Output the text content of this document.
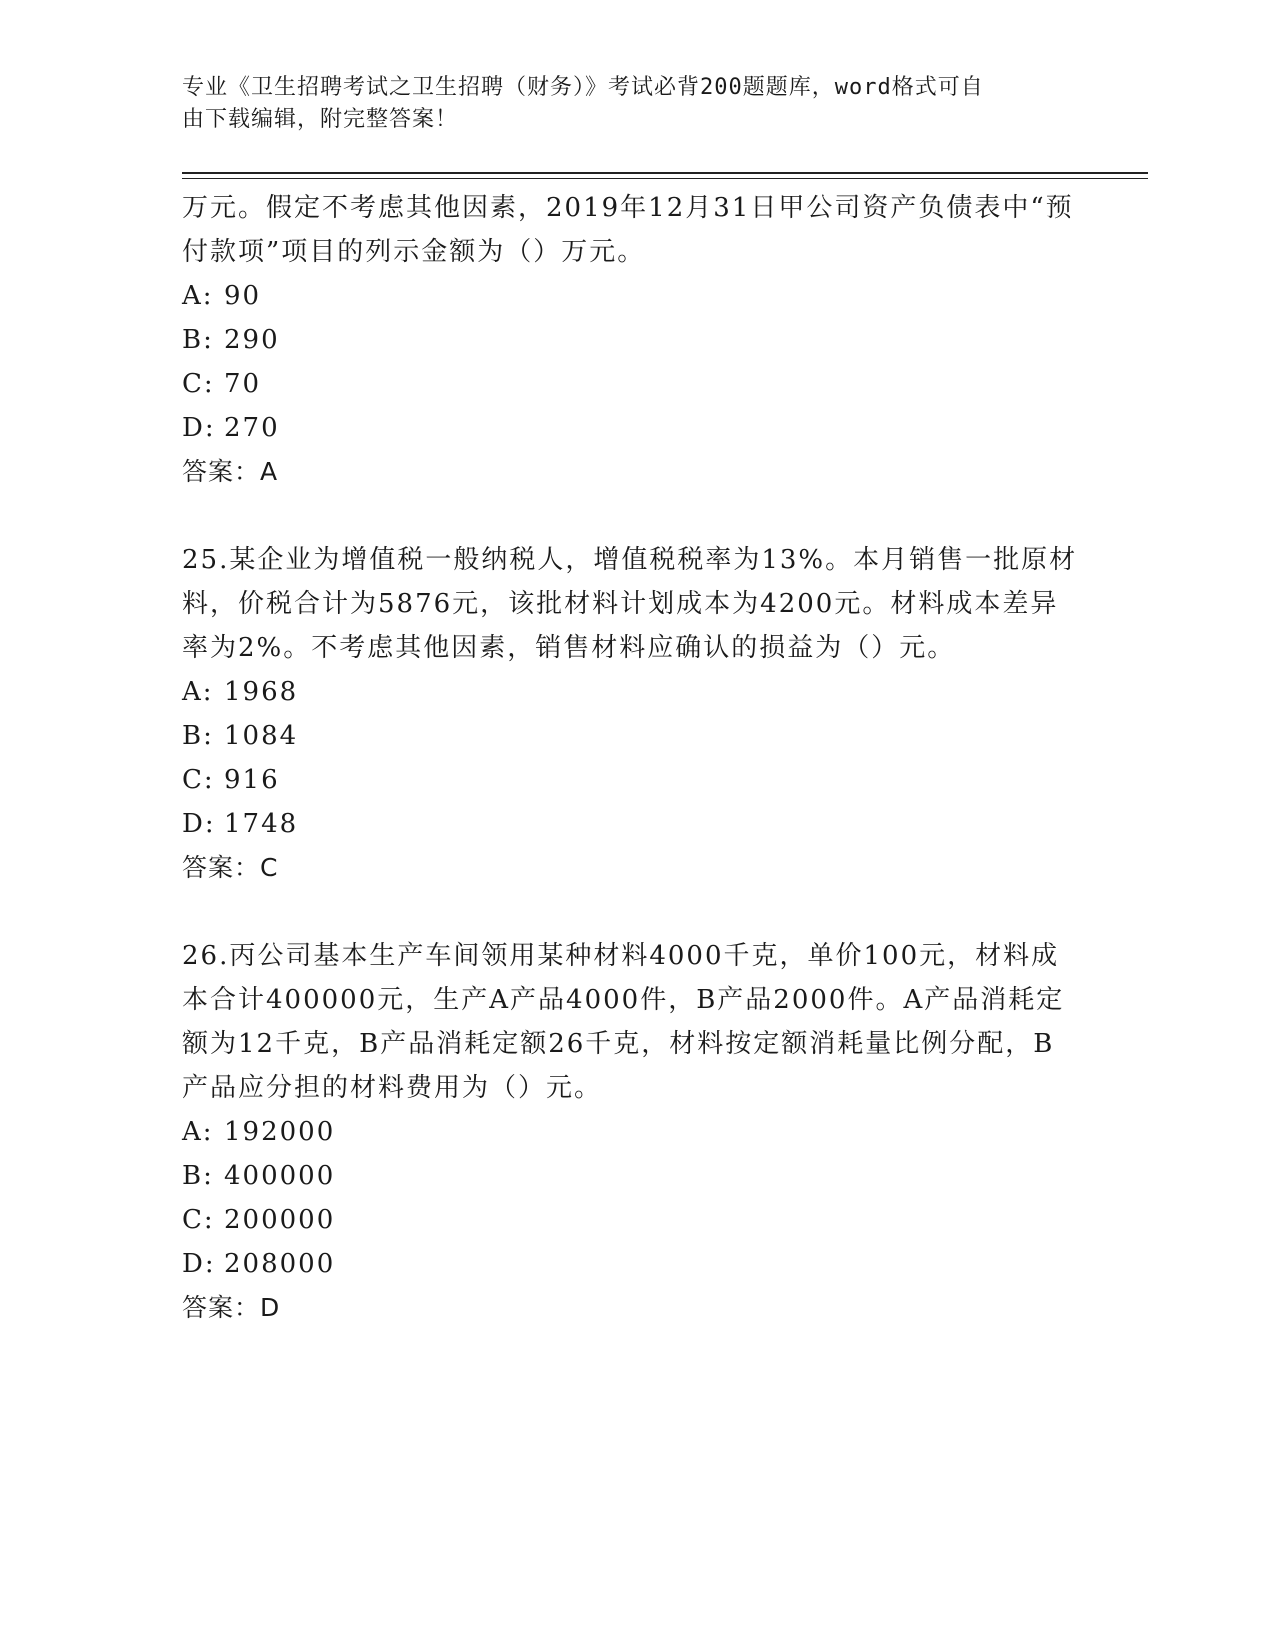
专业《卫生招聘考试之卫生招聘（财务）》考试必背200题题库，word格式可自
由下载编辑，附完整答案！

万元。假定不考虑其他因素，2019年12月31日甲公司资产负债表中“预付款项”项目的列示金额为（）万元。

A: 90
B: 290
C: 70
D: 270
答案：A

25.某企业为增值税一般纳税人，增值税税率为13%。本月销售一批原材料，价税合计为5876元，该批材料计划成本为4200元。材料成本差异率为2%。不考虑其他因素，销售材料应确认的损益为（）元。

A: 1968
B: 1084
C: 916
D: 1748
答案：C

26.丙公司基本生产车间领用某种材料4000千克，单价100元，材料成本合计400000元，生产A产品4000件，B产品2000件。A产品消耗定额为12千克，B产品消耗定额26千克，材料按定额消耗量比例分配，B产品应分担的材料费用为（）元。

A: 192000
B: 400000
C: 200000
D: 208000
答案：D
